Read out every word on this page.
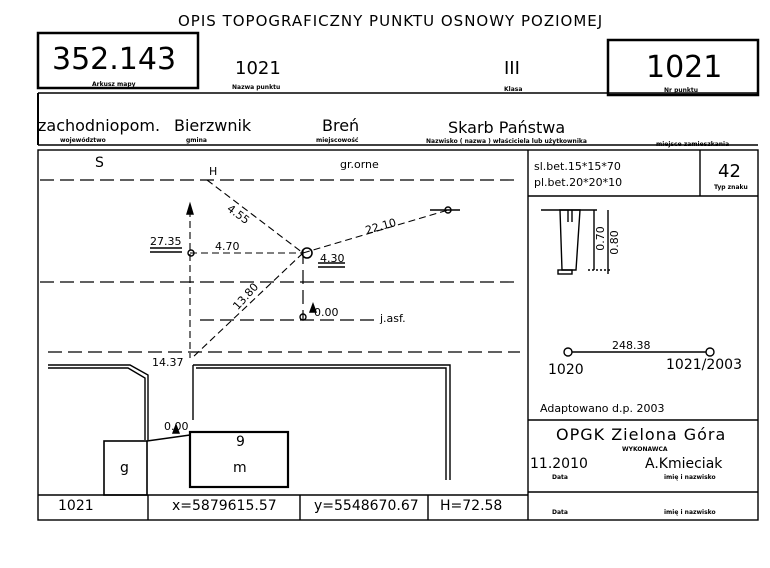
OPIS TOPOGRAFICZNY PUNKTU OSNOWY POZIOMEJ
352.143
Arkusz mapy
1021
Nazwa punktu
III
Klasa
1021
Nr punktu
zachodniopom.
województwo
Bierzwnik
gmina
Breń
miejscowość
Skarb Państwa
Nazwisko ( nazwa ) właściciela lub użytkownika	miejsce zamieszkania
S
H
gr.orne
4.55	22.10
27.35	4.70
4.30
13.80	0.00	j.asf.
14.37
0.00
9
m
g
sl.bet.15*15*70
pl.bet.20*20*10
42
Typ znaku
0.70 0.80
248.38
1020	1021/2003
Adaptowano d.p. 2003
OPGK Zielona Góra
WYKONAWCA
11.2010
Data
A.Kmieciak
imię i nazwisko
Data	imię i nazwisko
1021	x=5879615.57	y=5548670.67 H=72.58
